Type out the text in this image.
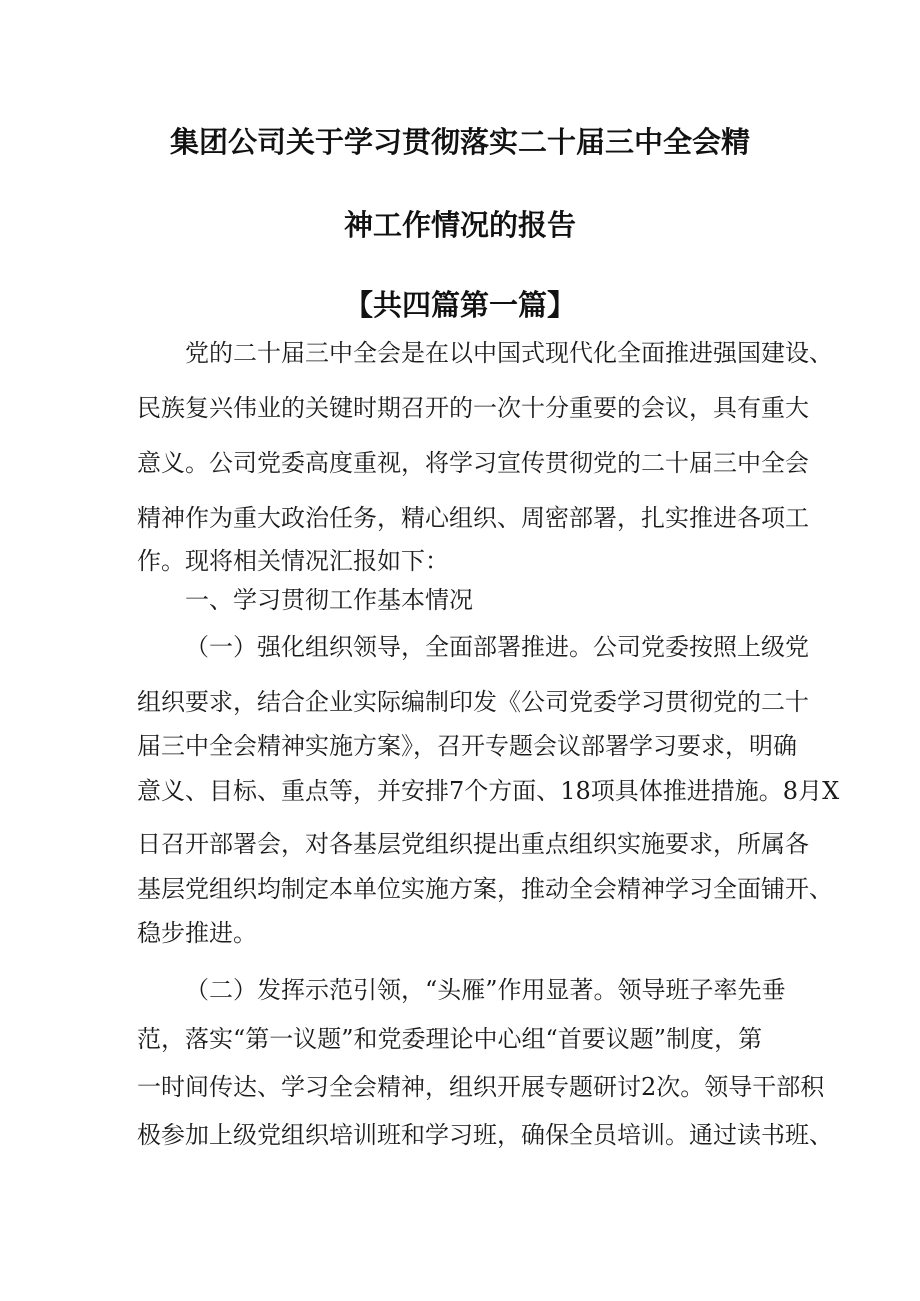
集团公司关于学习贯彻落实二十届三中全会精
神工作情况的报告
【共四篇第一篇】
党的二十届三中全会是在以中国式现代化全面推进强国建设、
民族复兴伟业的关键时期召开的一次十分重要的会议，具有重大
意义。公司党委高度重视，将学习宣传贯彻党的二十届三中全会
精神作为重大政治任务，精心组织、周密部署，扎实推进各项工
作。现将相关情况汇报如下：
一、学习贯彻工作基本情况
（一）强化组织领导，全面部署推进。公司党委按照上级党
组织要求，结合企业实际编制印发《公司党委学习贯彻党的二十
届三中全会精神实施方案》，召开专题会议部署学习要求，明确
意义、目标、重点等，并安排7个方面、18项具体推进措施。8月X
日召开部署会，对各基层党组织提出重点组织实施要求，所属各
基层党组织均制定本单位实施方案，推动全会精神学习全面铺开、
稳步推进。
（二）发挥示范引领，“头雁”作用显著。领导班子率先垂
范，落实“第一议题”和党委理论中心组“首要议题”制度，第
一时间传达、学习全会精神，组织开展专题研讨2次。领导干部积
极参加上级党组织培训班和学习班，确保全员培训。通过读书班、
